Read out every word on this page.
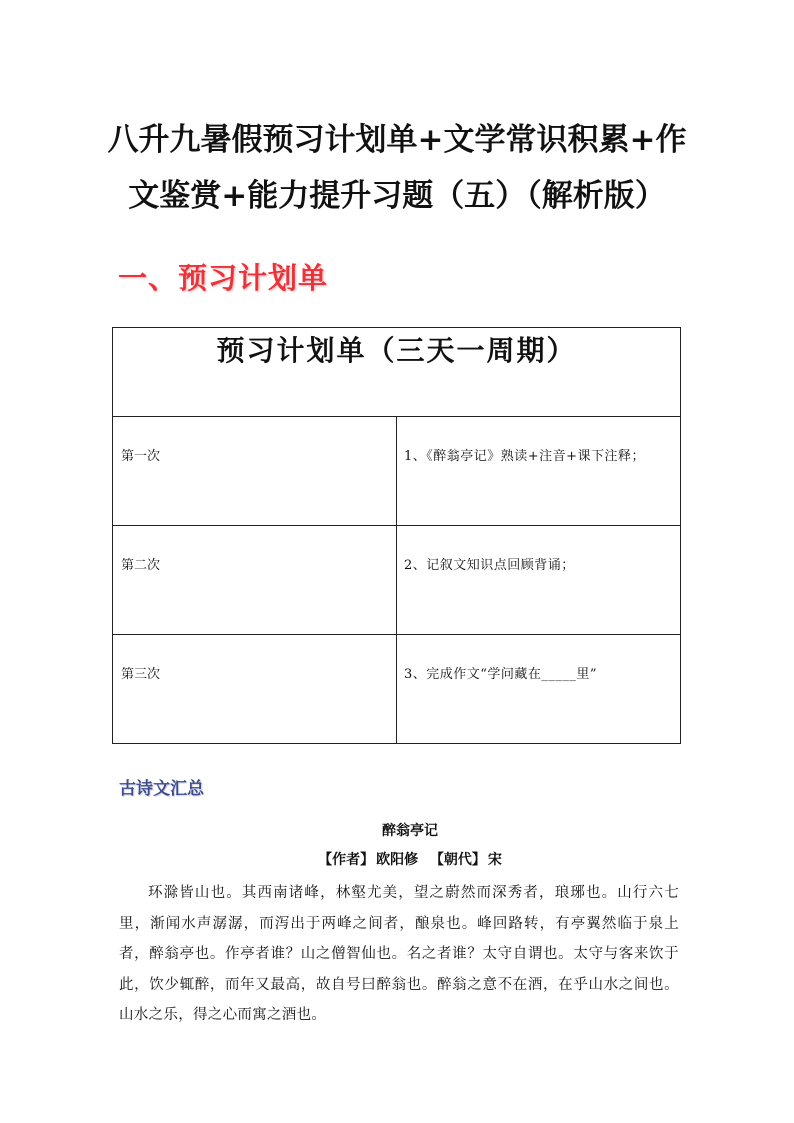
八升九暑假预习计划单+文学常识积累+作文鉴赏+能力提升习题（五）（解析版）
一、预习计划单
预习计划单（三天一周期）	
第一次	1、《醉翁亭记》熟读+注音+课下注释；
第二次	2、记叙文知识点回顾背诵；
第三次	3、完成作文“学问藏在_____里”
古诗文汇总
醉翁亭记
【作者】 欧阳修 【朝代】 宋
环滁皆山也。其西南诸峰，林壑尤美，望之蔚然而深秀者，琅琊也。山行六七里，渐闻水声潺潺，而泻出于两峰之间者，酿泉也。峰回路转，有亭翼然临于泉上者，醉翁亭也。作亭者谁？山之僧智仙也。名之者谁？太守自谓也。太守与客来饮于此，饮少辄醉，而年又最高，故自号曰醉翁也。醉翁之意不在酒，在乎山水之间也。山水之乐，得之心而寓之酒也。
